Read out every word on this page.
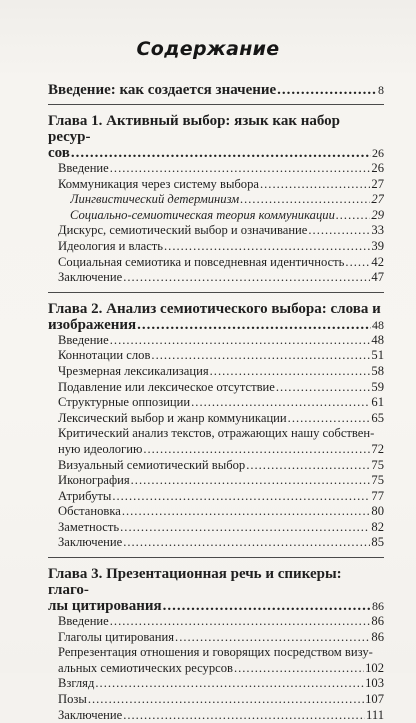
Содержание
Введение: как создается значение .....	8
Глава 1. Активный выбор: язык как набор ресур-
сов .....	26
Введение .....	26
Коммуникация через систему выбора .....	27
Лингвистический детерминизм .....	27
Социально-семиотическая теория коммуникации .....	29
Дискурс, семиотический выбор и означивание .....	33
Идеология и власть .....	39
Социальная семиотика и повседневная идентичность ..... 42
Заключение .....	47
Глава 2. Анализ семиотического выбора: слова и
изображения .....	48
Введение .....	48
Коннотации слов .....	51
Чрезмерная лексикализация .....	58
Подавление или лексическое отсутствие .....	59
Структурные оппозиции .....	61
Лексический выбор и жанр коммуникации .....	65
Критический анализ текстов, отражающих нашу собствен-
ную идеологию .....	72
Визуальный семиотический выбор .....	75
Иконография .....	75
Атрибуты .....	77
Обстановка .....	80
Заметность .....	82
Заключение .....	85
Глава 3. Презентационная речь и спикеры: глаго-
лы цитирования .....	86
Введение .....	86
Глаголы цитирования .....	86
Репрезентация отношения и говорящих посредством визу-
альных семиотических ресурсов .....	102
Взгляд .....	103
Позы .....	107
Заключение .....	111
